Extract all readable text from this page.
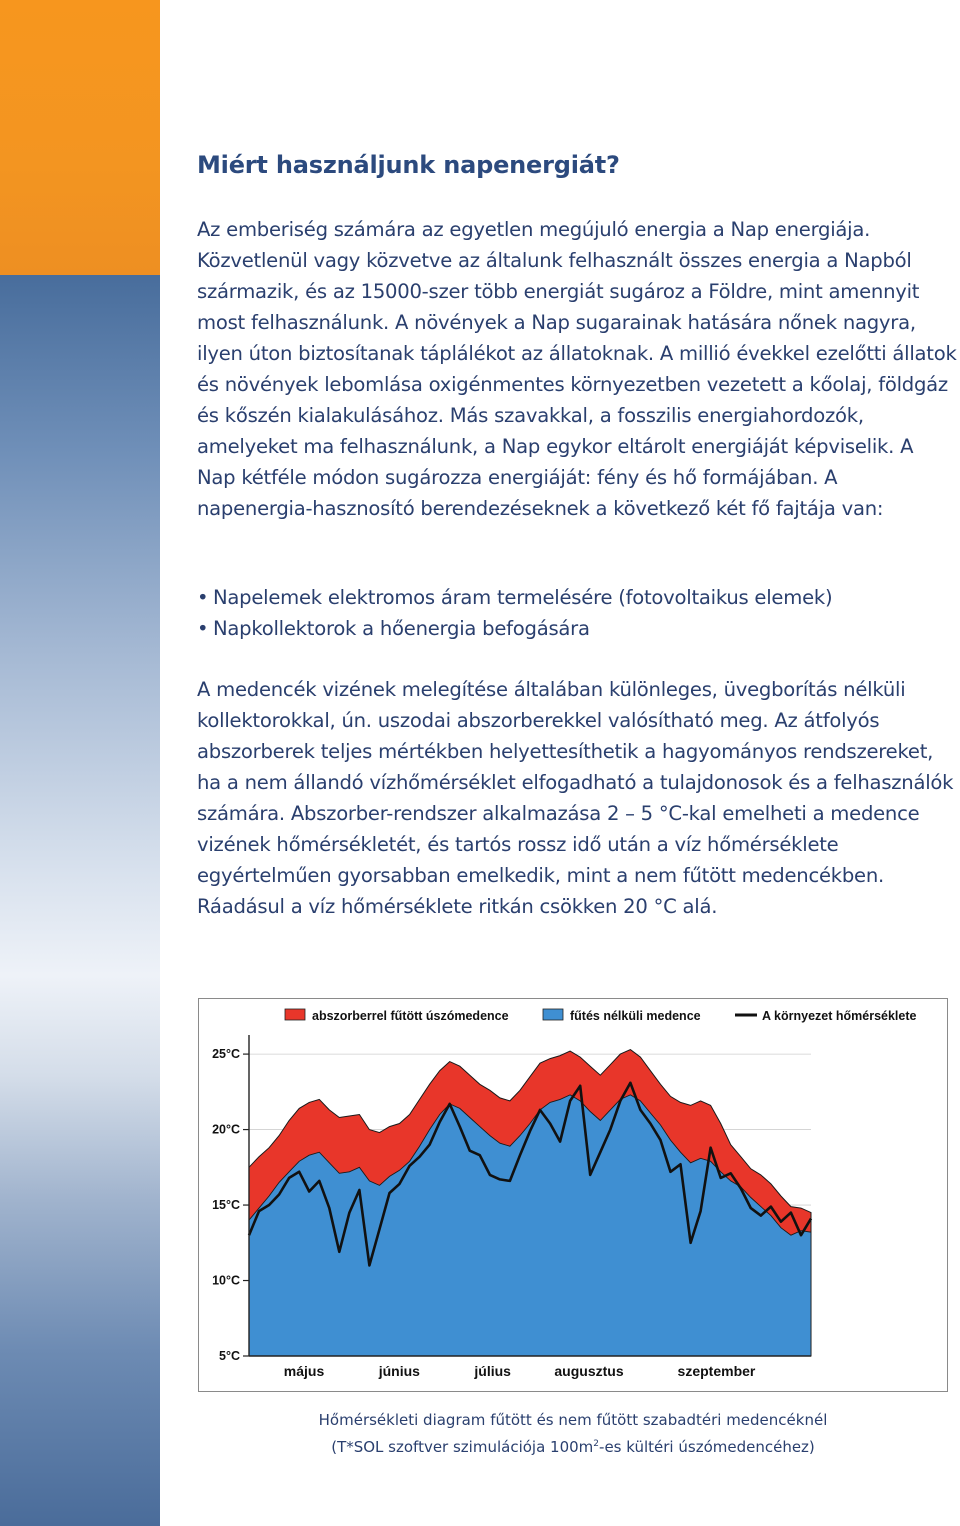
Miért használjunk napenergiát?

Az emberiség számára az egyetlen megújuló energia a Nap energiája. Közvetlenül vagy közvetve az általunk felhasznált összes energia a Napból származik, és az 15000-szer több energiát sugároz a Földre, mint amennyit most felhasználunk. A növények a Nap sugarainak hatására nőnek nagyra, ilyen úton biztosítanak táplálékot az állatoknak. A millió évekkel ezelőtti állatok és növények lebomlása oxigénmentes környezetben vezetett a kőolaj, földgáz és kőszén kialakulásához. Más szavakkal, a fosszilis energiahordozók, amelyeket ma felhasználunk, a Nap egykor eltárolt energiáját képviselik. A Nap kétféle módon sugározza energiáját: fény és hő formájában. A napenergia-hasznosító berendezéseknek a következő két fő fajtája van:

• Napelemek elektromos áram termelésére (fotovoltaikus elemek)
• Napkollektorok a hőenergia befogására

A medencék vizének melegítése általában különleges, üvegborítás nélküli kollektorokkal, ún. uszodai abszorberekkel valósítható meg. Az átfolyós abszorberek teljes mértékben helyettesíthetik a hagyományos rendszereket, ha a nem állandó vízhőmérséklet elfogadható a tulajdonosok és a felhasználók számára. Abszorber-rendszer alkalmazása 2 – 5 °C-kal emelheti a medence vizének hőmérsékletét, és tartós rossz idő után a víz hőmérséklete egyértelműen gyorsabban emelkedik, mint a nem fűtött medencékben. Ráadásul a víz hőmérséklete ritkán csökken 20 °C alá.

5°C
10°C
15°C
20°C
25°C
május	június	július	augusztus	szeptember
abszorberrel fűtött úszómedence	fűtés nélküli medence	A környezet hőmérséklete
Hőmérsékleti diagram fűtött és nem fűtött szabadtéri medencéknél
(T*SOL szoftver szimulációja $100m^2-es$ kültéri úszómedencéhez)
